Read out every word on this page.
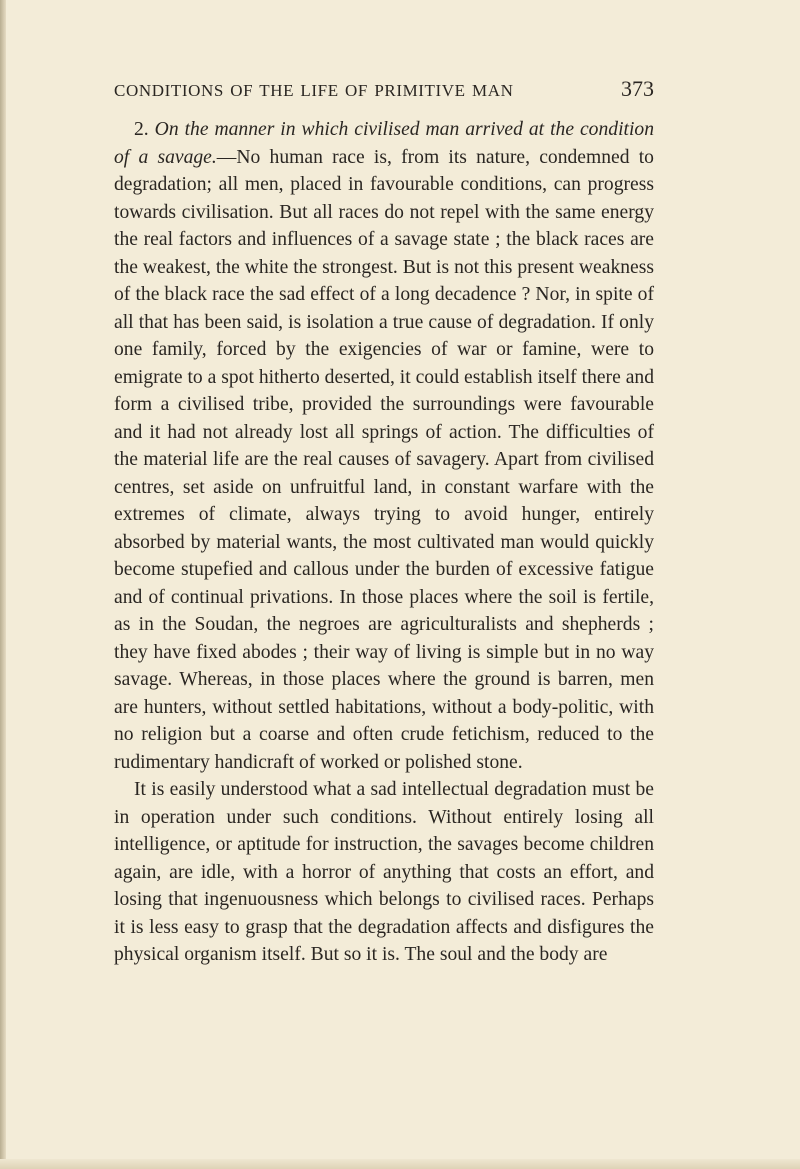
CONDITIONS OF THE LIFE OF PRIMITIVE MAN	373

2. On the manner in which civilised man arrived at the condition of a savage.—No human race is, from its nature, condemned to degradation; all men, placed in favourable conditions, can progress towards civilisation. But all races do not repel with the same energy the real factors and influences of a savage state ; the black races are the weakest, the white the strongest. But is not this present weakness of the black race the sad effect of a long decadence ? Nor, in spite of all that has been said, is isolation a true cause of degradation. If only one family, forced by the exigencies of war or famine, were to emigrate to a spot hitherto deserted, it could establish itself there and form a civilised tribe, provided the surroundings were favourable and it had not already lost all springs of action. The difficulties of the material life are the real causes of savagery. Apart from civilised centres, set aside on unfruitful land, in constant warfare with the extremes of climate, always trying to avoid hunger, entirely absorbed by material wants, the most cultivated man would quickly become stupefied and callous under the burden of excessive fatigue and of continual privations. In those places where the soil is fertile, as in the Soudan, the negroes are agriculturalists and shepherds ; they have fixed abodes ; their way of living is simple but in no way savage. Whereas, in those places where the ground is barren, men are hunters, without settled habitations, without a body-politic, with no religion but a coarse and often crude fetichism, reduced to the rudimentary handicraft of worked or polished stone.

It is easily understood what a sad intellectual degradation must be in operation under such conditions. Without entirely losing all intelligence, or aptitude for instruction, the savages become children again, are idle, with a horror of anything that costs an effort, and losing that ingenuousness which belongs to civilised races. Perhaps it is less easy to grasp that the degradation affects and disfigures the physical organism itself. But so it is. The soul and the body are
